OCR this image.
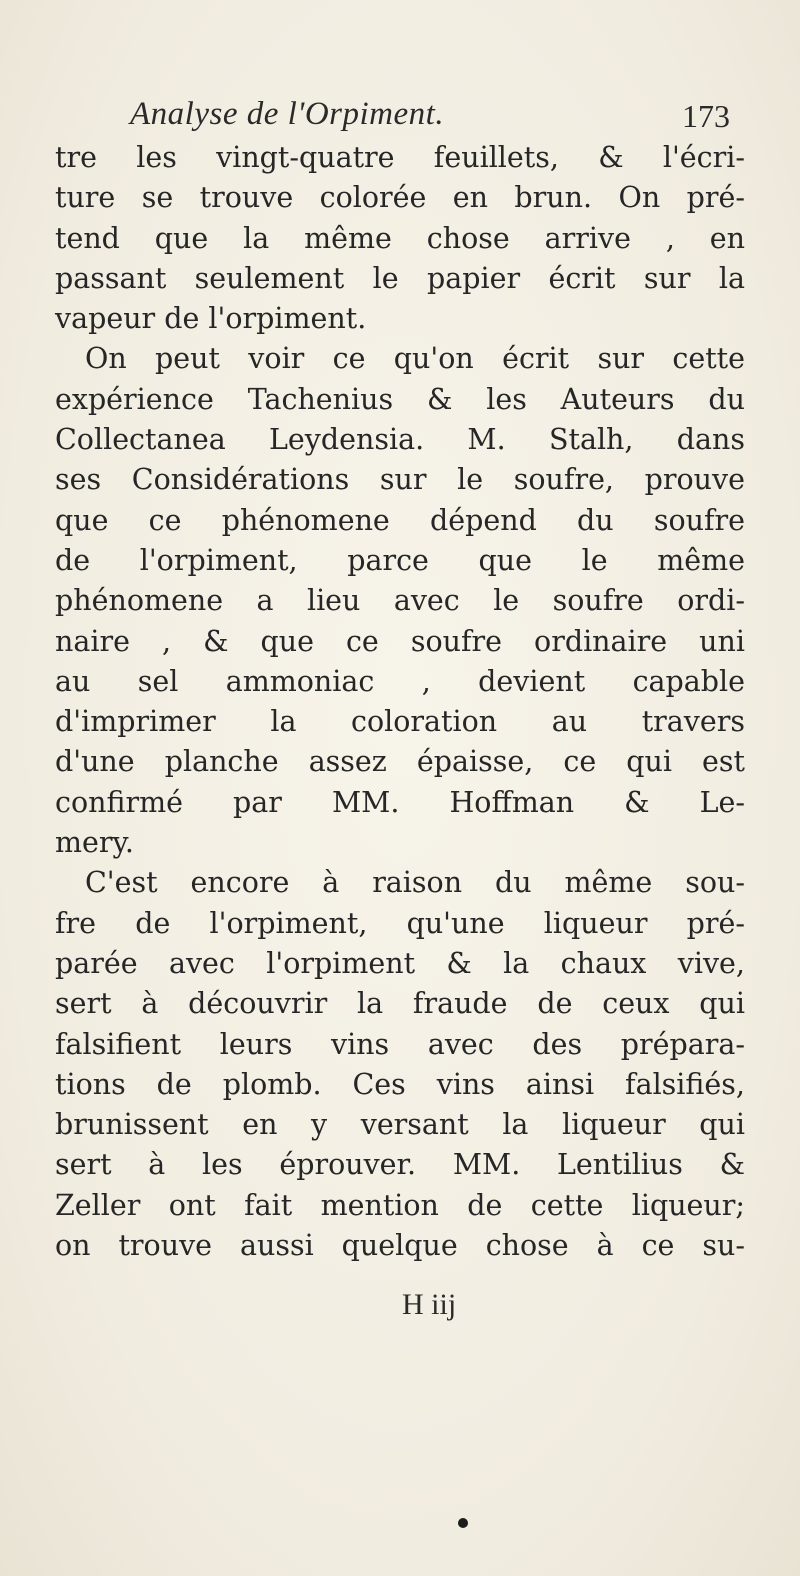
Analyse de l'Orpiment.	173
tre les vingt-quatre feuillets, & l'écri-
ture se trouve colorée en brun. On pré-
tend que la même chose arrive , en
passant seulement le papier écrit sur la
vapeur de l'orpiment.
On peut voir ce qu'on écrit sur cette
expérience Tachenius & les Auteurs du
Collectanea Leydensia. M. Stalh, dans
ses Considérations sur le soufre, prouve
que ce phénomene dépend du soufre
de l'orpiment, parce que le même
phénomene a lieu avec le soufre ordi-
naire , & que ce soufre ordinaire uni
au sel ammoniac , devient capable
d'imprimer la coloration au travers
d'une planche assez épaisse, ce qui est
confirmé par MM. Hoffman & Le-
mery.
C'est encore à raison du même sou-
fre de l'orpiment, qu'une liqueur pré-
parée avec l'orpiment & la chaux vive,
sert à découvrir la fraude de ceux qui
falsifient leurs vins avec des prépara-
tions de plomb. Ces vins ainsi falsifiés,
brunissent en y versant la liqueur qui
sert à les éprouver. MM. Lentilius &
Zeller ont fait mention de cette liqueur;
on trouve aussi quelque chose à ce su-
H iij
